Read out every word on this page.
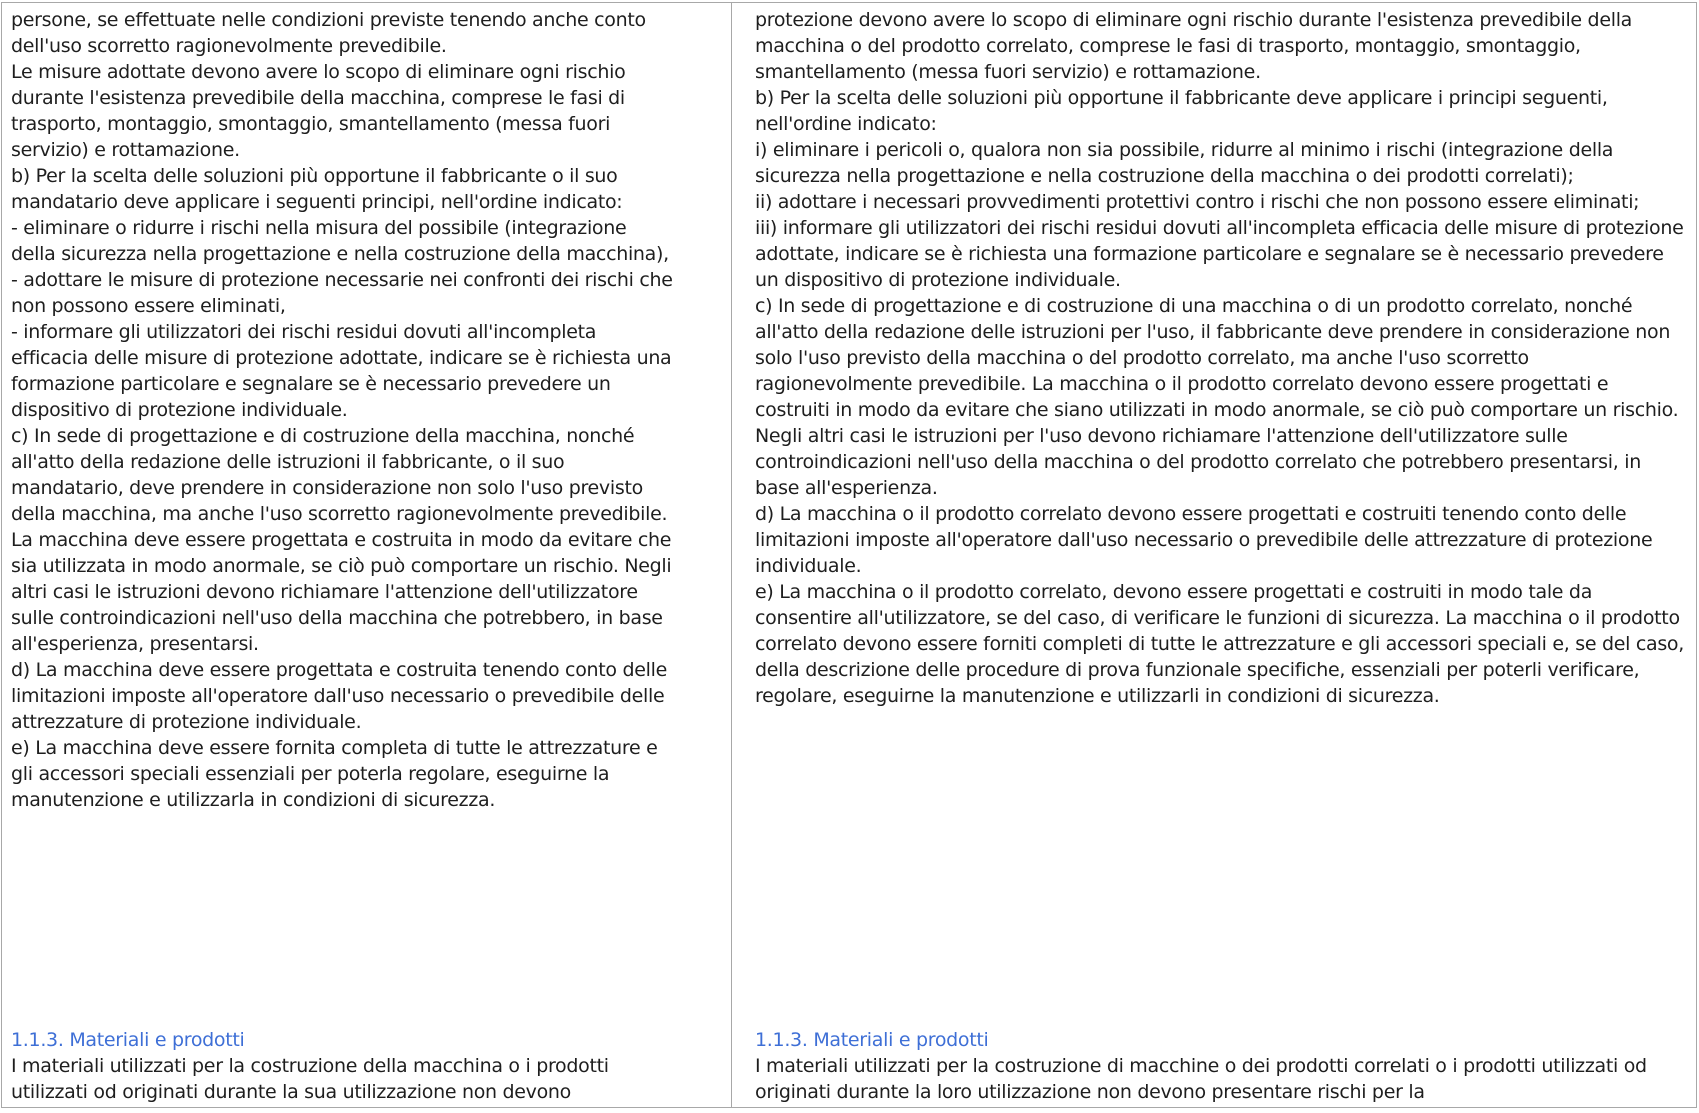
persone, se effettuate nelle condizioni previste tenendo anche conto dell'uso scorretto ragionevolmente prevedibile.

Le misure adottate devono avere lo scopo di eliminare ogni rischio durante l'esistenza prevedibile della macchina, comprese le fasi di trasporto, montaggio, smontaggio, smantellamento (messa fuori servizio) e rottamazione.

b) Per la scelta delle soluzioni più opportune il fabbricante o il suo mandatario deve applicare i seguenti principi, nell'ordine indicato:

- eliminare o ridurre i rischi nella misura del possibile (integrazione della sicurezza nella progettazione e nella costruzione della macchina),

- adottare le misure di protezione necessarie nei confronti dei rischi che non possono essere eliminati,

- informare gli utilizzatori dei rischi residui dovuti all'incompleta efficacia delle misure di protezione adottate, indicare se è richiesta una formazione particolare e segnalare se è necessario prevedere un dispositivo di protezione individuale.

c) In sede di progettazione e di costruzione della macchina, nonché all'atto della redazione delle istruzioni il fabbricante, o il suo mandatario, deve prendere in considerazione non solo l'uso previsto della macchina, ma anche l'uso scorretto ragionevolmente prevedibile.

La macchina deve essere progettata e costruita in modo da evitare che sia utilizzata in modo anormale, se ciò può comportare un rischio. Negli altri casi le istruzioni devono richiamare l'attenzione dell'utilizzatore sulle controindicazioni nell'uso della macchina che potrebbero, in base all'esperienza, presentarsi.

d) La macchina deve essere progettata e costruita tenendo conto delle limitazioni imposte all'operatore dall'uso necessario o prevedibile delle attrezzature di protezione individuale.

e) La macchina deve essere fornita completa di tutte le attrezzature e gli accessori speciali essenziali per poterla regolare, eseguirne la manutenzione e utilizzarla in condizioni di sicurezza.

1.1.3. Materiali e prodotti

I materiali utilizzati per la costruzione della macchina o i prodotti utilizzati od originati durante la sua utilizzazione non devono

protezione devono avere lo scopo di eliminare ogni rischio durante l'esistenza prevedibile della macchina o del prodotto correlato, comprese le fasi di trasporto, montaggio, smontaggio, smantellamento (messa fuori servizio) e rottamazione.

b) Per la scelta delle soluzioni più opportune il fabbricante deve applicare i principi seguenti, nell'ordine indicato:

i) eliminare i pericoli o, qualora non sia possibile, ridurre al minimo i rischi (integrazione della sicurezza nella progettazione e nella costruzione della macchina o dei prodotti correlati);

ii) adottare i necessari provvedimenti protettivi contro i rischi che non possono essere eliminati;

iii) informare gli utilizzatori dei rischi residui dovuti all'incompleta efficacia delle misure di protezione adottate, indicare se è richiesta una formazione particolare e segnalare se è necessario prevedere un dispositivo di protezione individuale.

c) In sede di progettazione e di costruzione di una macchina o di un prodotto correlato, nonché all'atto della redazione delle istruzioni per l'uso, il fabbricante deve prendere in considerazione non solo l'uso previsto della macchina o del prodotto correlato, ma anche l'uso scorretto ragionevolmente prevedibile. La macchina o il prodotto correlato devono essere progettati e costruiti in modo da evitare che siano utilizzati in modo anormale, se ciò può comportare un rischio. Negli altri casi le istruzioni per l'uso devono richiamare l'attenzione dell'utilizzatore sulle controindicazioni nell'uso della macchina o del prodotto correlato che potrebbero presentarsi, in base all'esperienza.

d) La macchina o il prodotto correlato devono essere progettati e costruiti tenendo conto delle limitazioni imposte all'operatore dall'uso necessario o prevedibile delle attrezzature di protezione individuale.

e) La macchina o il prodotto correlato, devono essere progettati e costruiti in modo tale da consentire all'utilizzatore, se del caso, di verificare le funzioni di sicurezza. La macchina o il prodotto correlato devono essere forniti completi di tutte le attrezzature e gli accessori speciali e, se del caso, della descrizione delle procedure di prova funzionale specifiche, essenziali per poterli verificare, regolare, eseguirne la manutenzione e utilizzarli in condizioni di sicurezza.

1.1.3. Materiali e prodotti

I materiali utilizzati per la costruzione di macchine o dei prodotti correlati o i prodotti utilizzati od originati durante la loro utilizzazione non devono presentare rischi per la
